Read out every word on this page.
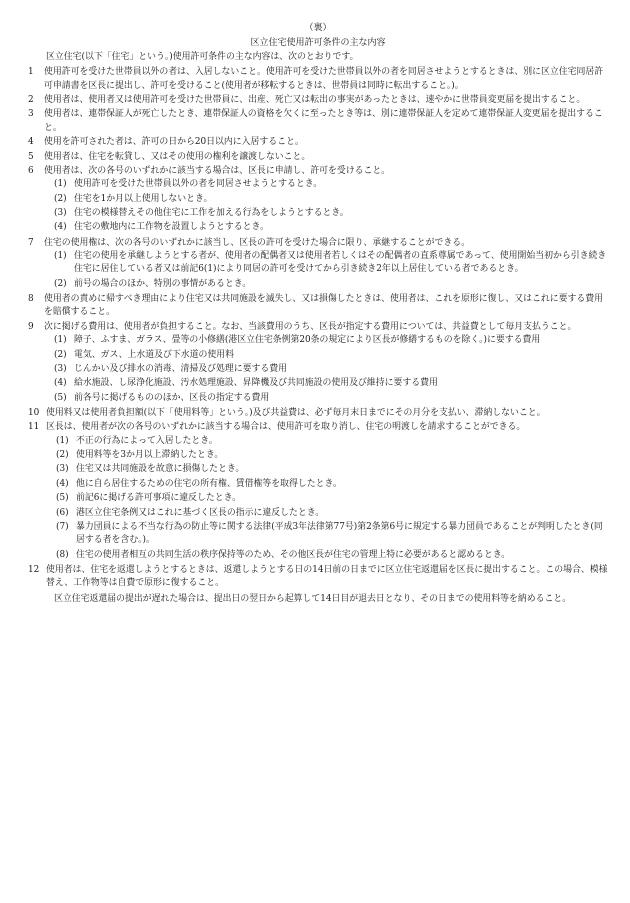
（裏）
区立住宅使用許可条件の主な内容

区立住宅(以下「住宅」という。)使用許可条件の主な内容は、次のとおりです。

1	使用許可を受けた世帯員以外の者は、入居しないこと。使用許可を受けた世帯員以外の者を同居させようとするときは、別に区立住宅同居許可申請書を区長に提出し、許可を受けること(使用者が移転するときは、世帯員は同時に転出すること。)。

2	使用者は、使用者又は使用許可を受けた世帯員に、出産、死亡又は転出の事実があったときは、速やかに世帯員変更届を提出すること。

3	使用者は、連帯保証人が死亡したとき、連帯保証人の資格を欠くに至ったとき等は、別に連帯保証人を定めて連帯保証人変更届を提出すること。

4	使用を許可された者は、許可の日から20日以内に入居すること。

5	使用者は、住宅を転貸し、又はその使用の権利を譲渡しないこと。

6	使用者は、次の各号のいずれかに該当する場合は、区長に申請し、許可を受けること。

(1) 使用許可を受けた世帯員以外の者を同居させようとするとき。
(2) 住宅を1か月以上使用しないとき。
(3) 住宅の模様替えその他住宅に工作を加える行為をしようとするとき。
(4) 住宅の敷地内に工作物を設置しようとするとき。
7	住宅の使用権は、次の各号のいずれかに該当し、区長の許可を受けた場合に限り、承継することができる。

(1) 住宅の使用を承継しようとする者が、使用者の配偶者又は使用者若しくはその配偶者の直系尊属であって、使用開始当初から引き続き住宅に居住している者又は前記6(1)により同居の許可を受けてから引き続き2年以上居住している者であるとき。
(2) 前号の場合のほか、特別の事情があるとき。
8	使用者の責めに帰すべき理由により住宅又は共同施設を滅失し、又は損傷したときは、使用者は、これを原形に復し、又はこれに要する費用を賠償すること。

9	次に掲げる費用は、使用者が負担すること。なお、当該費用のうち、区長が指定する費用については、共益費として毎月支払うこと。

(1) 障子、ふすま、ガラス、畳等の小修繕(港区立住宅条例第20条の規定により区長が修繕するものを除く。)に要する費用
(2) 電気、ガス、上水道及び下水道の使用料
(3) じんかい及び排水の消毒、清掃及び処理に要する費用
(4) 給水施設、し尿浄化施設、汚水処理施設、昇降機及び共同施設の使用及び維持に要する費用
(5) 前各号に掲げるもののほか、区長の指定する費用
10 使用料又は使用者負担額(以下「使用料等」という。)及び共益費は、必ず毎月末日までにその月分を支払い、滞納しないこと。

11 区長は、使用者が次の各号のいずれかに該当する場合は、使用許可を取り消し、住宅の明渡しを請求することができる。

(1) 不正の行為によって入居したとき。
(2) 使用料等を3か月以上滞納したとき。
(3) 住宅又は共同施設を故意に損傷したとき。
(4) 他に自ら居住するための住宅の所有権、賃借権等を取得したとき。
(5) 前記6に掲げる許可事項に違反したとき。
(6) 港区立住宅条例又はこれに基づく区長の指示に違反したとき。
(7) 暴力団員による不当な行為の防止等に関する法律(平成3年法律第77号)第2条第6号に規定する暴力団員であることが判明したとき(同居する者を含む。)。
(8) 住宅の使用者相互の共同生活の秩序保持等のため、その他区長が住宅の管理上特に必要があると認めるとき。
12 使用者は、住宅を返還しようとするときは、返還しようとする日の14日前の日までに区立住宅返還届を区長に提出すること。この場合、模様替え、工作物等は自費で原形に復すること。

区立住宅返還届の提出が遅れた場合は、提出日の翌日から起算して14日目が退去日となり、その日までの使用料等を納めること。
